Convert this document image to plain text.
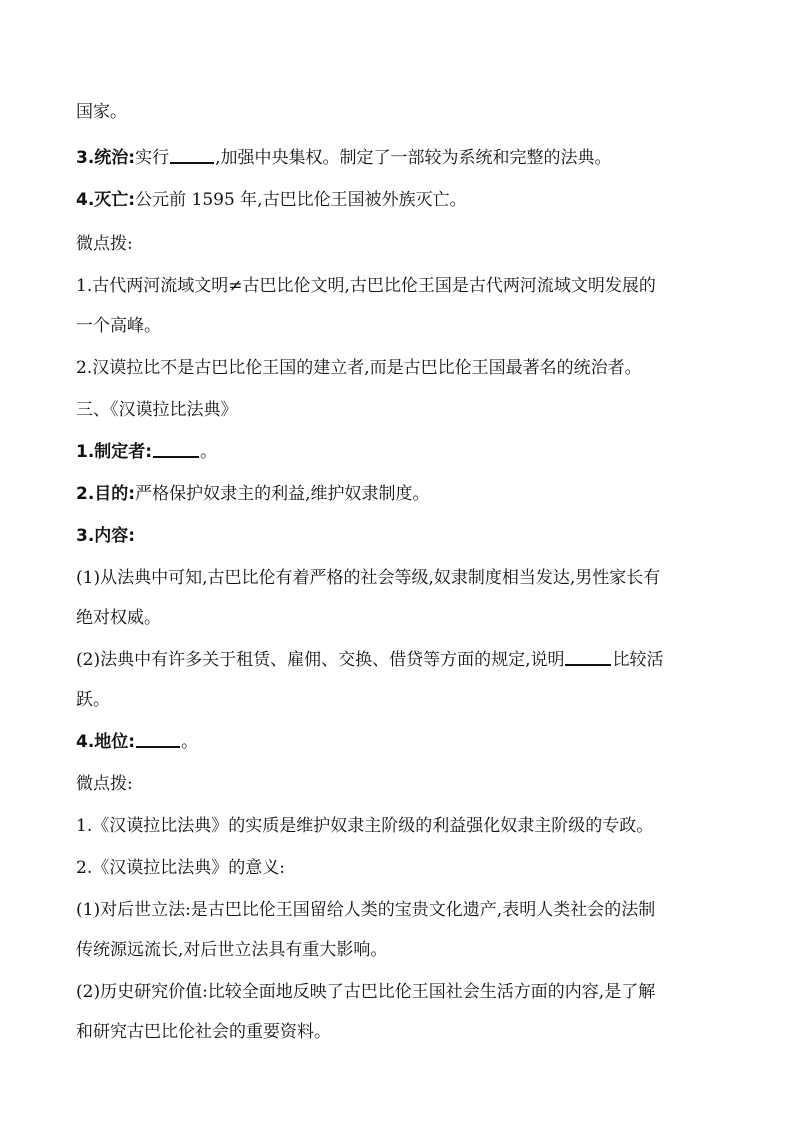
国家。
3.统治:实行	,加强中央集权。制定了一部较为系统和完整的法典。
4.灭亡:公元前 1595 年,古巴比伦王国被外族灭亡。
微点拨:
1.古代两河流域文明≠古巴比伦文明,古巴比伦王国是古代两河流域文明发展的
一个高峰。
2.汉谟拉比不是古巴比伦王国的建立者,而是古巴比伦王国最著名的统治者。
三、《汉谟拉比法典》
1.制定者:	。
2.目的:严格保护奴隶主的利益,维护奴隶制度。
3.内容:
(1)从法典中可知,古巴比伦有着严格的社会等级,奴隶制度相当发达,男性家长有
绝对权威。
(2)法典中有许多关于租赁、雇佣、交换、借贷等方面的规定,说明	比较活
跃。
4.地位:	。
微点拨:
1.《汉谟拉比法典》的实质是维护奴隶主阶级的利益强化奴隶主阶级的专政。
2.《汉谟拉比法典》的意义:
(1)对后世立法:是古巴比伦王国留给人类的宝贵文化遗产,表明人类社会的法制
传统源远流长,对后世立法具有重大影响。
(2)历史研究价值:比较全面地反映了古巴比伦王国社会生活方面的内容,是了解
和研究古巴比伦社会的重要资料。
